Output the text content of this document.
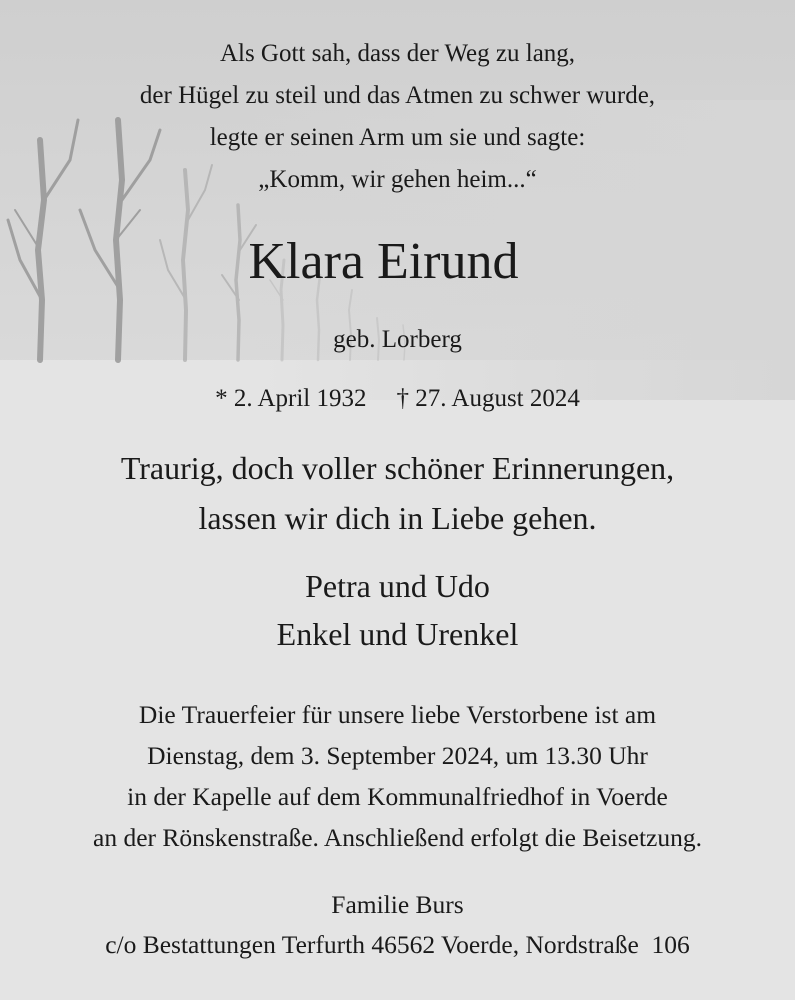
Als Gott sah, dass der Weg zu lang,
der Hügel zu steil und das Atmen zu schwer wurde,
legte er seinen Arm um sie und sagte:
„Komm, wir gehen heim...“
Klara Eirund
geb. Lorberg
* 2. April 1932 † 27. August 2024
Traurig, doch voller schöner Erinnerungen,
lassen wir dich in Liebe gehen.
Petra und Udo
Enkel und Urenkel
Die Trauerfeier für unsere liebe Verstorbene ist am
Dienstag, dem 3. September 2024, um 13.30 Uhr
in der Kapelle auf dem Kommunalfriedhof in Voerde
an der Rönskenstraße. Anschließend erfolgt die Beisetzung.
Familie Burs
c/o Bestattungen Terfurth 46562 Voerde, Nordstraße  106
